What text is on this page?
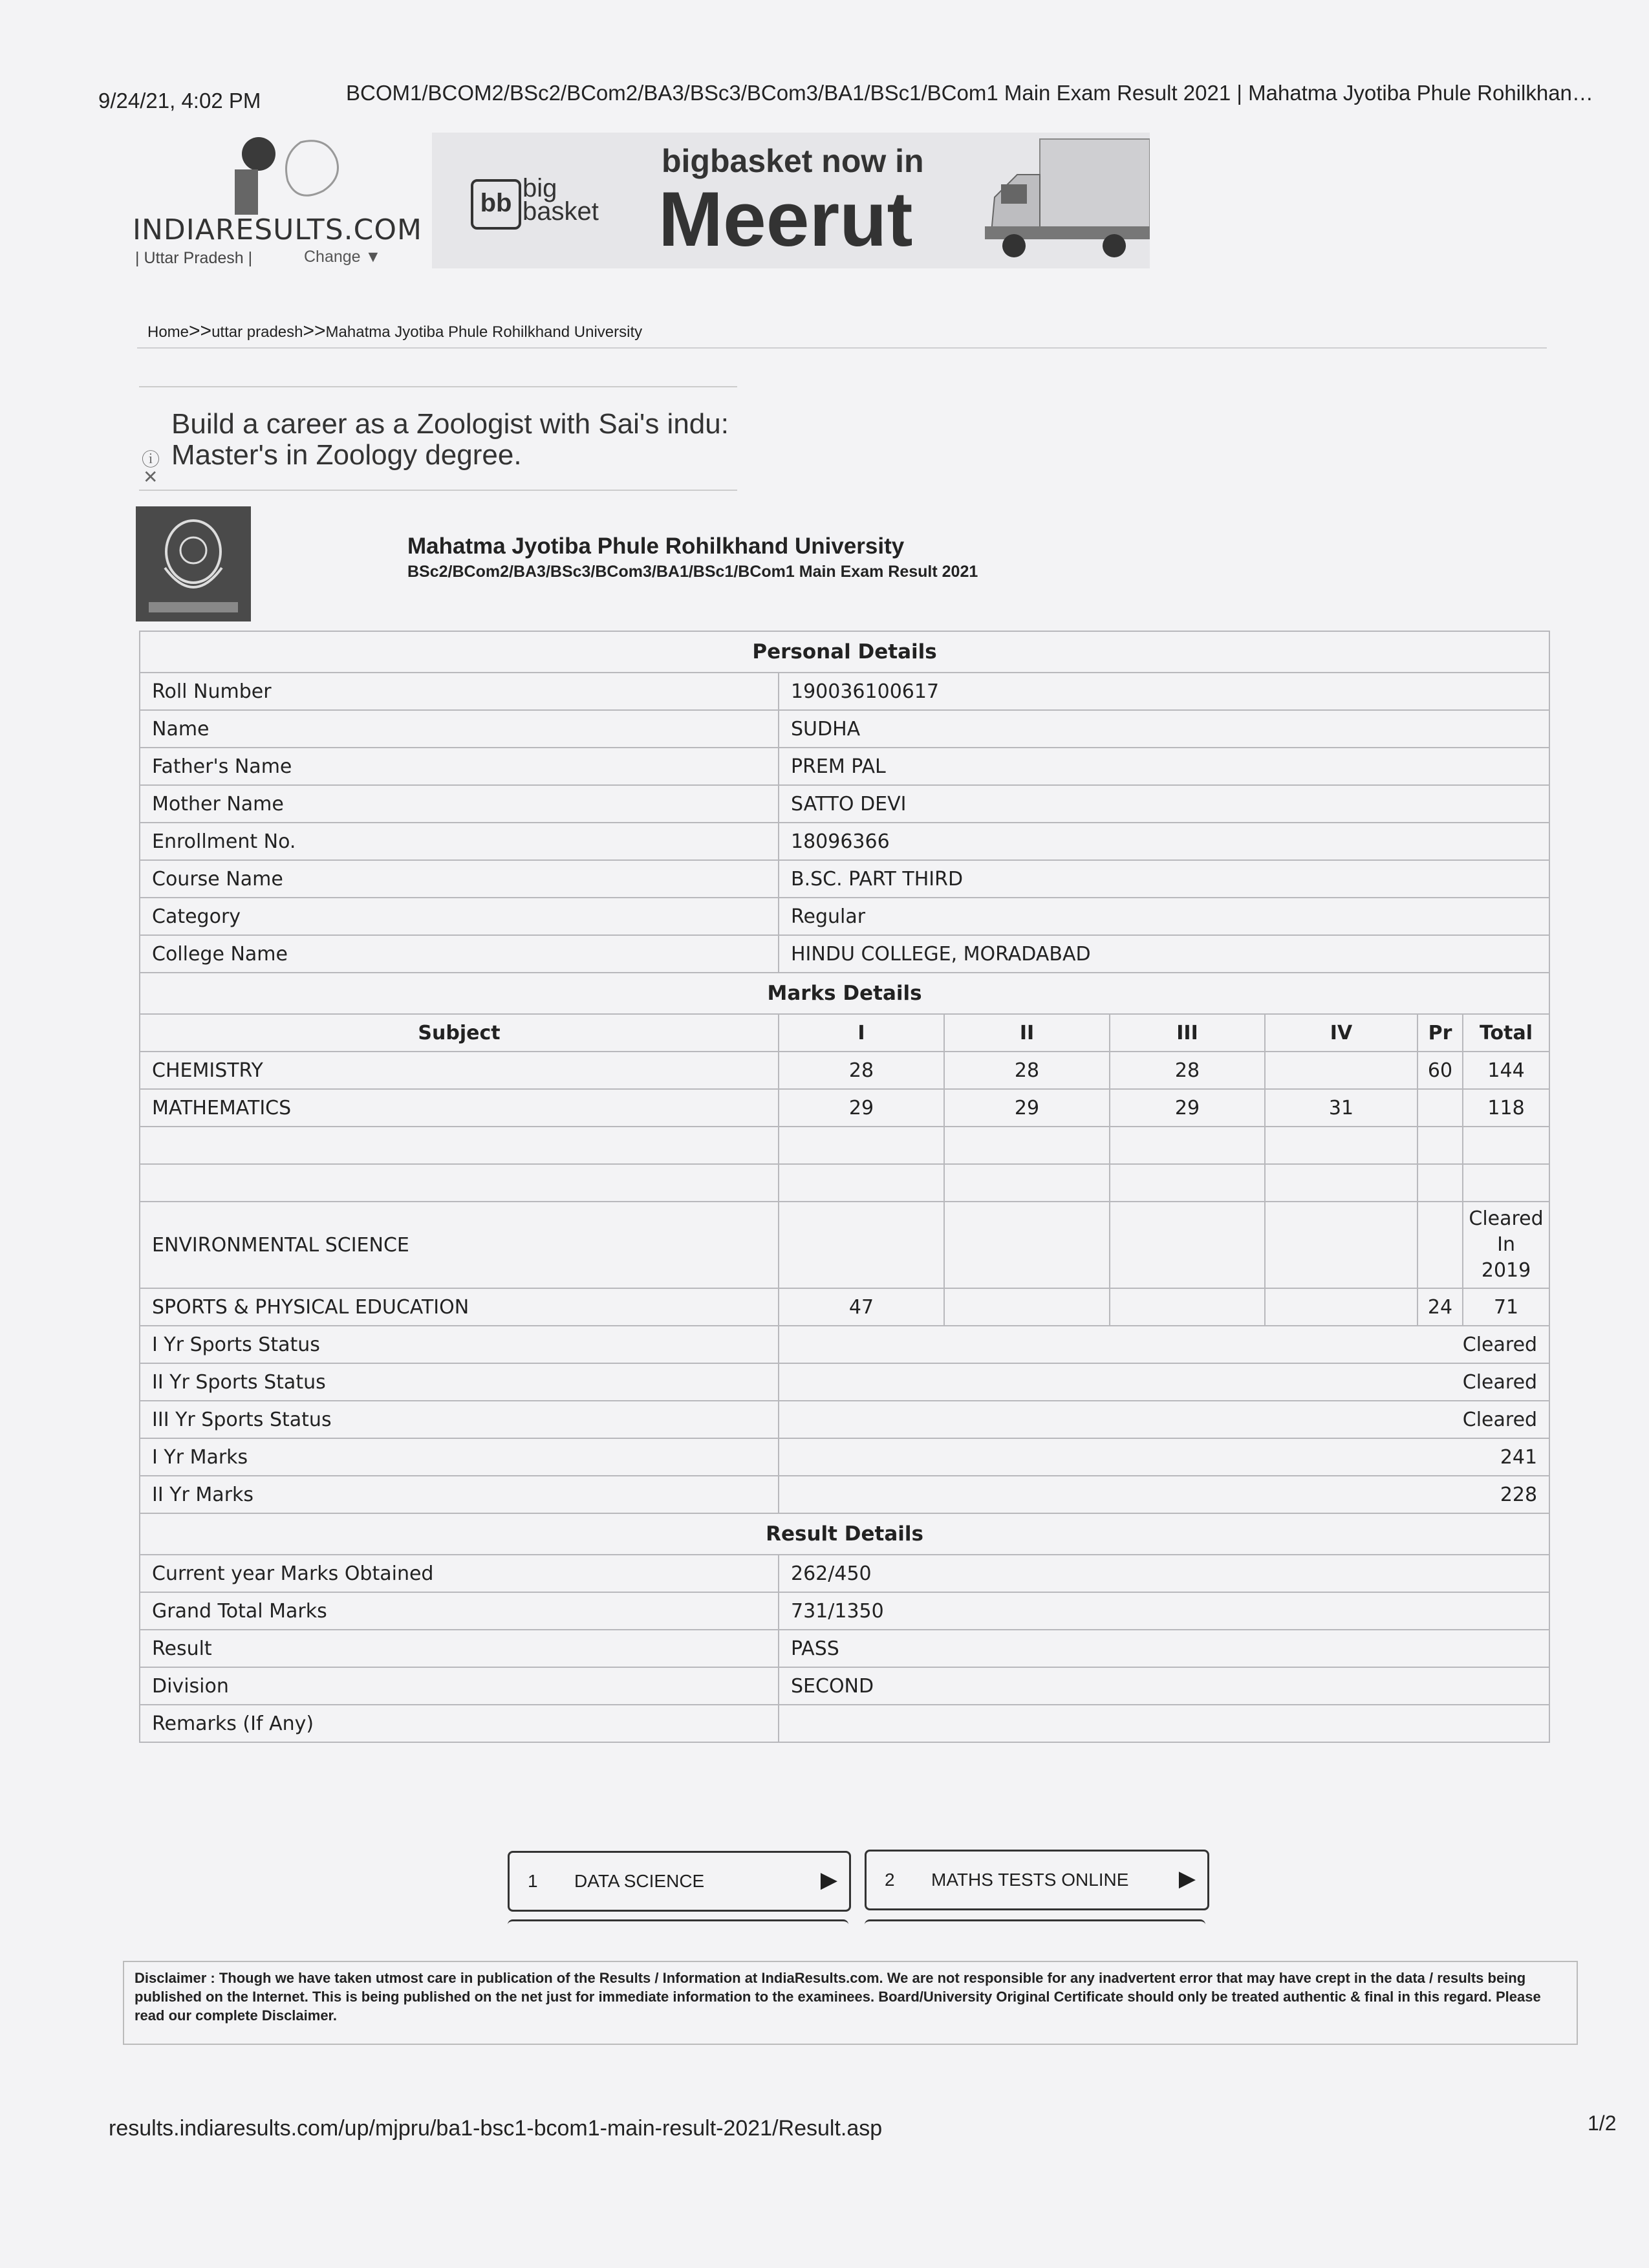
9/24/21, 4:02 PM	BCOM1/BCOM2/BSc2/BCom2/BA3/BSc3/BCom3/BA1/BSc1/BCom1 Main Exam Result 2021 | Mahatma Jyotiba Phule Rohilkhan…
INDIARESULTS.COM
| Uttar Pradesh |	Change ▼
bb
big
basket
bigbasket now in
Meerut
Home>>uttar pradesh>>Mahatma Jyotiba Phule Rohilkhand University
Build a career as a Zoologist with Sai's indu:
Master's in Zoology degree.
ⓘ
✕
Mahatma Jyotiba Phule Rohilkhand University
BSc2/BCom2/BA3/BSc3/BCom3/BA1/BSc1/BCom1 Main Exam Result 2021
Personal Details						
Roll Number	190036100617					
Name	SUDHA					
Father's Name	PREM PAL					
Mother Name	SATTO DEVI					
Enrollment No.	18096366					
Course Name	B.SC. PART THIRD					
Category	Regular					
College Name	HINDU COLLEGE, MORADABAD					
Marks Details						
Subject	I	II	III	IV	Pr	Total
CHEMISTRY	28	28	28		60	144
MATHEMATICS	29	29	29	31		118

ENVIRONMENTAL SCIENCE						Cleared
In
2019

SPORTS & PHYSICAL EDUCATION	47				24	71
I Yr Sports Status	Cleared					
II Yr Sports Status	Cleared					
III Yr Sports Status	Cleared					
I Yr Marks	241					
II Yr Marks	228					
Result Details						
Current year Marks Obtained	262/450					
Grand Total Marks	731/1350					
Result	PASS					
Division	SECOND					
Remarks (If Any)						
1 DATA SCIENCE	▶	2 MATHS TESTS ONLINE ▶
Disclaimer : Though we have taken utmost care in publication of the Results / Information at IndiaResults.com. We are not responsible for any inadvertent error that may have crept in the data / results being published on the Internet. This is being published on the net just for immediate information to the examinees. Board/University Original Certificate should only be treated authentic & final in this regard. Please read our complete Disclaimer.
results.indiaresults.com/up/mjpru/ba1-bsc1-bcom1-main-result-2021/Result.asp	1/2
